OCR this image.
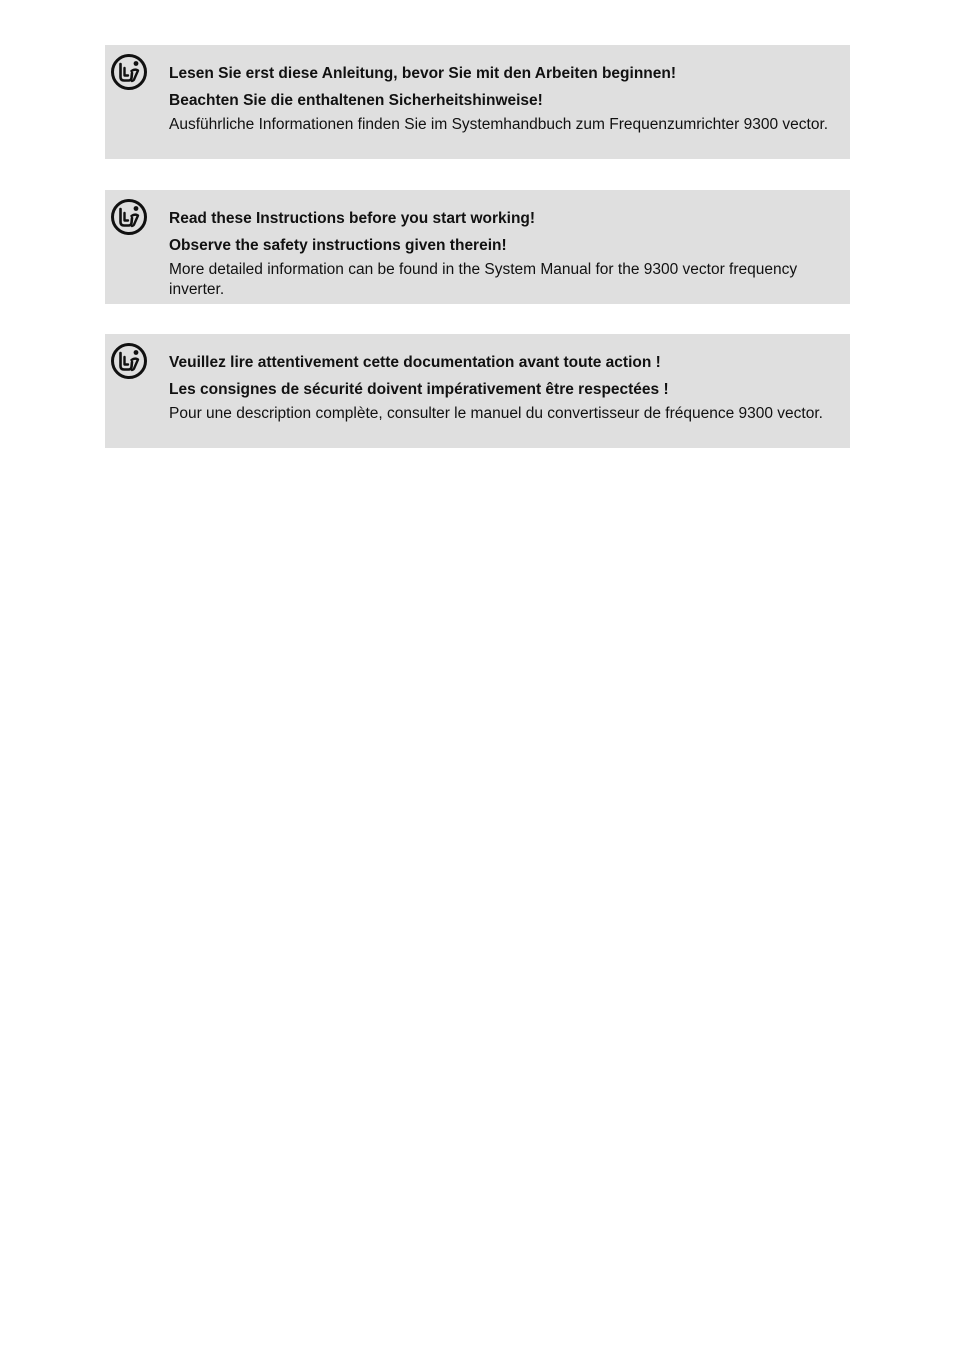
Lesen Sie erst diese Anleitung, bevor Sie mit den Arbeiten beginnen!

Beachten Sie die enthaltenen Sicherheitshinweise!

Ausführliche Informationen finden Sie im Systemhandbuch zum Frequenzumrichter 9300 vector.

Read these Instructions before you start working!

Observe the safety instructions given therein!

More detailed information can be found in the System Manual for the 9300 vector frequency inverter.

Veuillez lire attentivement cette documentation avant toute action !

Les consignes de sécurité doivent impérativement être respectées !

Pour une description complète, consulter le manuel du convertisseur de fréquence 9300 vector.
